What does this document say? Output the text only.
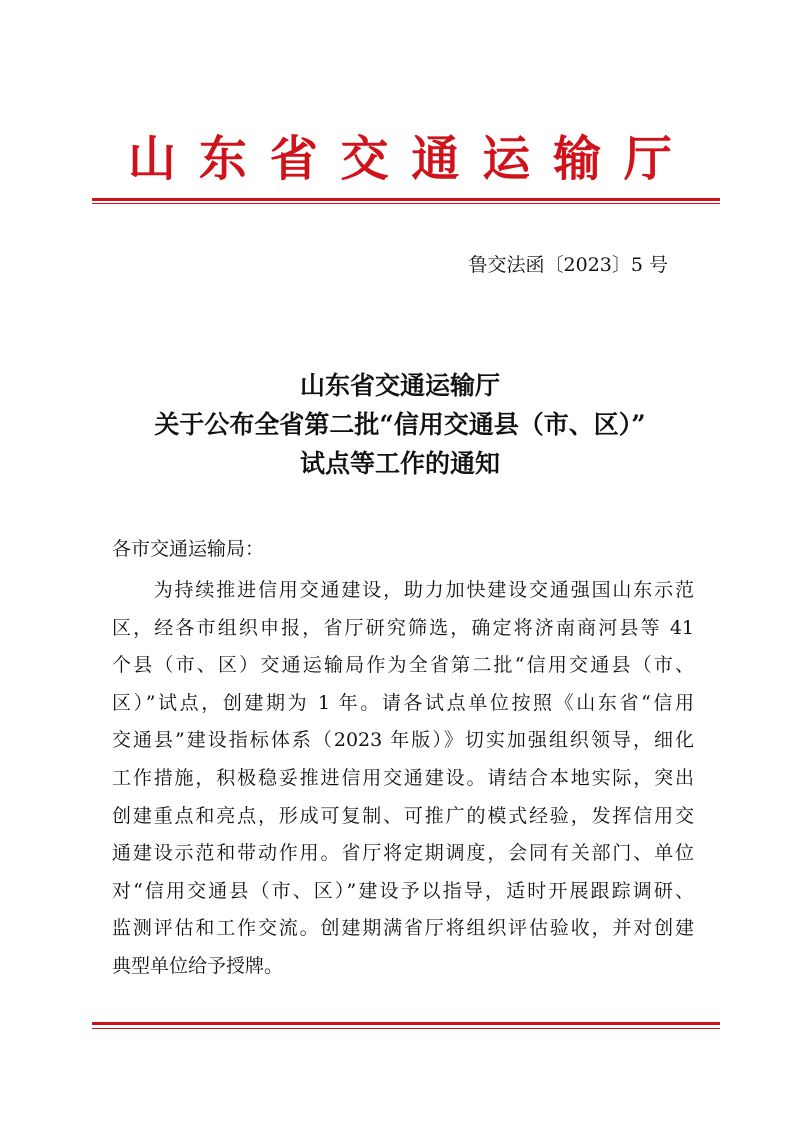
山 东 省 交 通 运 输 厅
鲁交法函〔2023〕5 号
山东省交通运输厅
关于公布全省第二批“信用交通县（市、区）”
试点等工作的通知
各市交通运输局：
　　为持续推进信用交通建设，助力加快建设交通强国山东示范
区，经各市组织申报，省厅研究筛选，确定将济南商河县等 41
个县（市、区）交通运输局作为全省第二批“信用交通县（市、
区）”试点，创建期为 1 年。请各试点单位按照《山东省“信用
交通县”建设指标体系（2023 年版）》切实加强组织领导，细化
工作措施，积极稳妥推进信用交通建设。请结合本地实际，突出
创建重点和亮点，形成可复制、可推广的模式经验，发挥信用交
通建设示范和带动作用。省厅将定期调度，会同有关部门、单位
对“信用交通县（市、区）”建设予以指导，适时开展跟踪调研、
监测评估和工作交流。创建期满省厅将组织评估验收，并对创建
典型单位给予授牌。
